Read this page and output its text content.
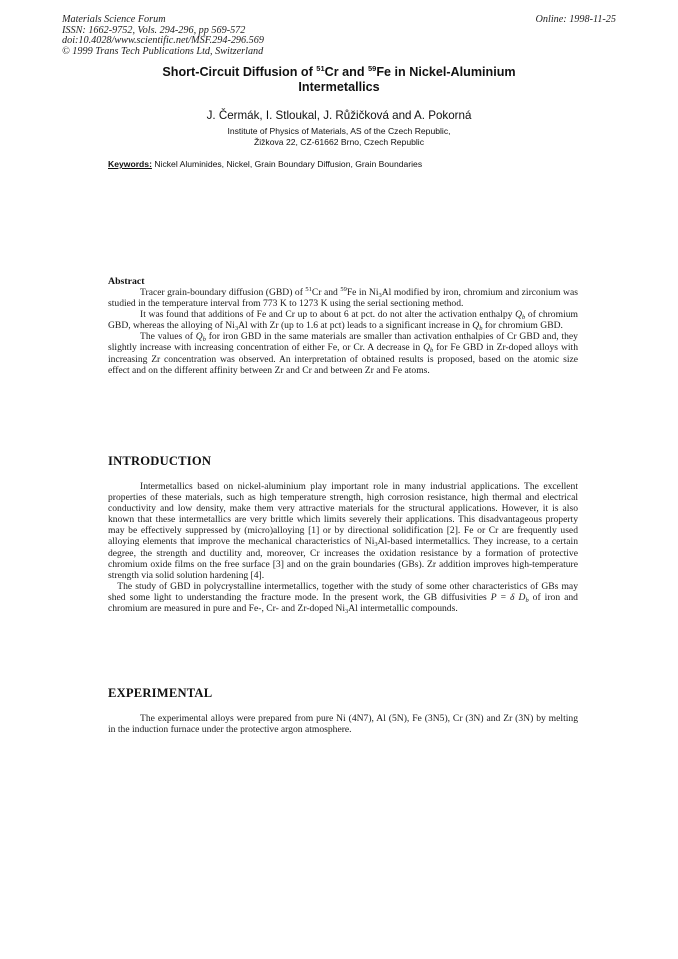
Materials Science Forum
ISSN: 1662-9752, Vols. 294-296, pp 569-572
doi:10.4028/www.scientific.net/MSF.294-296.569
© 1999 Trans Tech Publications Ltd, Switzerland
Online: 1998-11-25
Short-Circuit Diffusion of $^{51}$Cr and $^{59}$Fe in Nickel-Aluminium
Intermetallics
J. Čermák, I. Stloukal, J. Růžičková and A. Pokorná
Institute of Physics of Materials, AS of the Czech Republic,
Žižkova 22, CZ-61662 Brno, Czech Republic
Keywords: Nickel Aluminides, Nickel, Grain Boundary Diffusion, Grain Boundaries
Abstract

Tracer grain-boundary diffusion (GBD) of $^{51}$Cr and $^{59}$Fe in $Ni_3Al$ modified by iron, chromium and zirconium was studied in the temperature interval from 773 K to 1273 K using the serial sectioning method.

It was found that additions of Fe and Cr up to about 6 at pct. do not alter the activation enthalpy $Q_b$ of chromium GBD, whereas the alloying of $Ni_3Al$ with Zr (up to 1.6 at pct) leads to a significant increase in $Q_b$ for chromium GBD.

The values of $Q_b$ for iron GBD in the same materials are smaller than activation enthalpies of Cr GBD and, they slightly increase with increasing concentration of either Fe, or Cr. A decrease in $Q_b$ for Fe GBD in Zr-doped alloys with increasing Zr concentration was observed. An interpretation of obtained results is proposed, based on the atomic size effect and on the different affinity between Zr and Cr and between Zr and Fe atoms.

INTRODUCTION

Intermetallics based on nickel-aluminium play important role in many industrial applications. The excellent properties of these materials, such as high temperature strength, high corrosion resistance, high thermal and electrical conductivity and low density, make them very attractive materials for the structural applications. However, it is also known that these intermetallics are very brittle which limits severely their applications. This disadvantageous property may be effectively suppressed by (micro)alloying [1] or by directional solidification [2]. Fe or Cr are frequently used alloying elements that improve the mechanical characteristics of $Ni_3Al$-based intermetallics. They increase, to a certain degree, the strength and ductility and, moreover, Cr increases the oxidation resistance by a formation of protective chromium oxide films on the free surface [3] and on the grain boundaries (GBs). Zr addition improves high-temperature strength via solid solution hardening [4].

The study of GBD in polycrystalline intermetallics, together with the study of some other characteristics of GBs may shed some light to understanding the fracture mode. In the present work, the GB diffusivities P = δ $D_b$ of iron and chromium are measured in pure and Fe-, Cr- and Zr-doped $Ni_3Al$ intermetallic compounds.

EXPERIMENTAL

The experimental alloys were prepared from pure Ni (4N7), Al (5N), Fe (3N5), Cr (3N) and Zr (3N) by melting in the induction furnace under the protective argon atmosphere.
